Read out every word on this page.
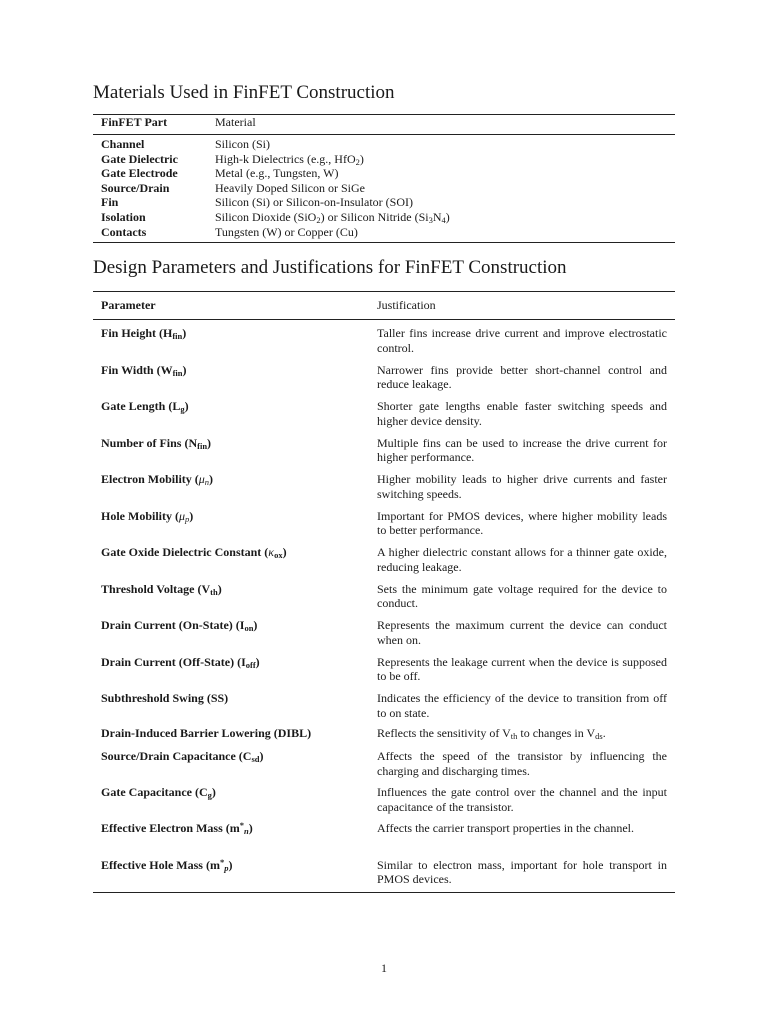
Materials Used in FinFET Construction
FinFET Part	Material
Channel	Silicon (Si)
Gate Dielectric	High-k Dielectrics (e.g., HfO$_2$)
Gate Electrode	Metal (e.g., Tungsten, W)
Source/Drain	Heavily Doped Silicon or SiGe
Fin	Silicon (Si) or Silicon-on-Insulator (SOI)
Isolation	Silicon Dioxide (SiO$_2$) or Silicon Nitride $(Si_3N_4)$
Contacts	Tungsten (W) or Copper (Cu)
Design Parameters and Justifications for FinFET Construction
Parameter	Justification
Fin Height $(H_{fin})$	Taller fins increase drive current and improve electrostatic control.
Fin Width $(W_{fin})$	Narrower fins provide better short-channel control and reduce leakage.
Gate Length $(L_g)$	Shorter gate lengths enable faster switching speeds and higher device density.
Number of Fins $(N_{fin})$	Multiple fins can be used to increase the drive current for higher performance.
Electron Mobility $(\mu_n)$	Higher mobility leads to higher drive currents and faster switching speeds.
Hole Mobility $(\mu_p)$	Important for PMOS devices, where higher mobility leads to better performance.
Gate Oxide Dielectric Constant $(\kappa_{ox})$	A higher dielectric constant allows for a thinner gate oxide, reducing leakage.
Threshold Voltage $(V_{th})$	Sets the minimum gate voltage required for the device to conduct.
Drain Current (On-State) $(I_{on})$	Represents the maximum current the device can conduct when on.
Drain Current (Off-State) $(I_{off})$	Represents the leakage current when the device is supposed to be off.
Subthreshold Swing (SS)	Indicates the efficiency of the device to transition from off to on state.
Drain-Induced Barrier Lowering (DIBL)	Reflects the sensitivity of $V_{th}$ to changes in $V_{ds}$.
Source/Drain Capacitance $(C_{sd})$	Affects the speed of the transistor by influencing the charging and discharging times.
Gate Capacitance $(C_g)$	Influences the gate control over the channel and the input capacitance of the transistor.
Effective Electron Mass $(m^*_n)$	Affects the carrier transport properties in the channel.
Effective Hole Mass $(m^*_p)$	Similar to electron mass, important for hole transport in PMOS devices.
1
